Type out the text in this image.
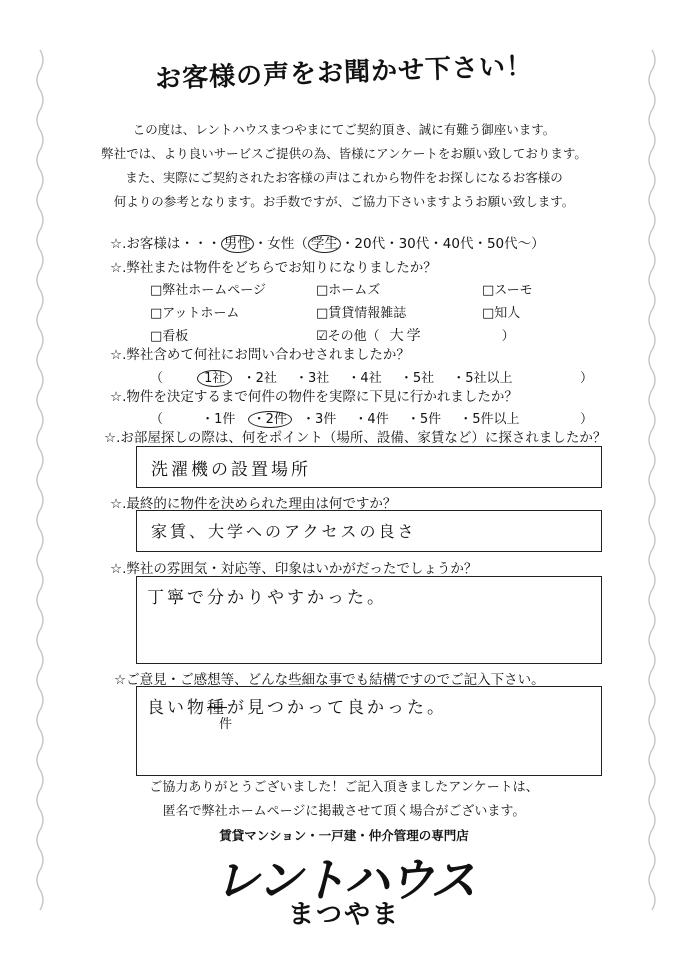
お客様の声をお聞かせ下さい！
この度は、レントハウスまつやまにてご契約頂き、誠に有難う御座います。
弊社では、より良いサービスご提供の為、皆様にアンケートをお願い致しております。
また、実際にご契約されたお客様の声はこれから物件をお探しになるお客様の
何よりの参考となります。お手数ですが、ご協力下さいますようお願い致します。
☆.お客様は・・・ 男性 ・女性（ 学生 ・20代・30代・40代・50代〜）
☆.弊社または物件をどちらでお知りになりましたか？
□弊社ホームページ	□ホームズ	□スーモ
□アットホーム	□賃貸情報雑誌	□知人
□看板	☑その他（ 大学	）
☆.弊社含めて何社にお問い合わせされましたか？
（	1社 ・2社 ・3社 ・4社 ・5社 ・5社以上	）
☆.物件を決定するまで何件の物件を実際に下見に行かれましたか？
（	・1件 ・2件 ・3件 ・4件 ・5件 ・5件以上	）
☆.お部屋探しの際は、何をポイント（場所、設備、家賃など）に探されましたか？
洗濯機の設置場所
☆.最終的に物件を決められた理由は何ですか？
家賃、大学へのアクセスの良さ
☆.弊社の雰囲気・対応等、印象はいかがだったでしょうか？
丁寧で分かりやすかった。
☆ご意見・ご感想等、どんな些細な事でも結構ですのでご記入下さい。
良い物種が見つかって良かった。
件
ご協力ありがとうございました！ご記入頂きましたアンケートは、
匿名で弊社ホームページに掲載させて頂く場合がございます。
賃貸マンション・一戸建・仲介管理の専門店
レントハウス
まつやま
